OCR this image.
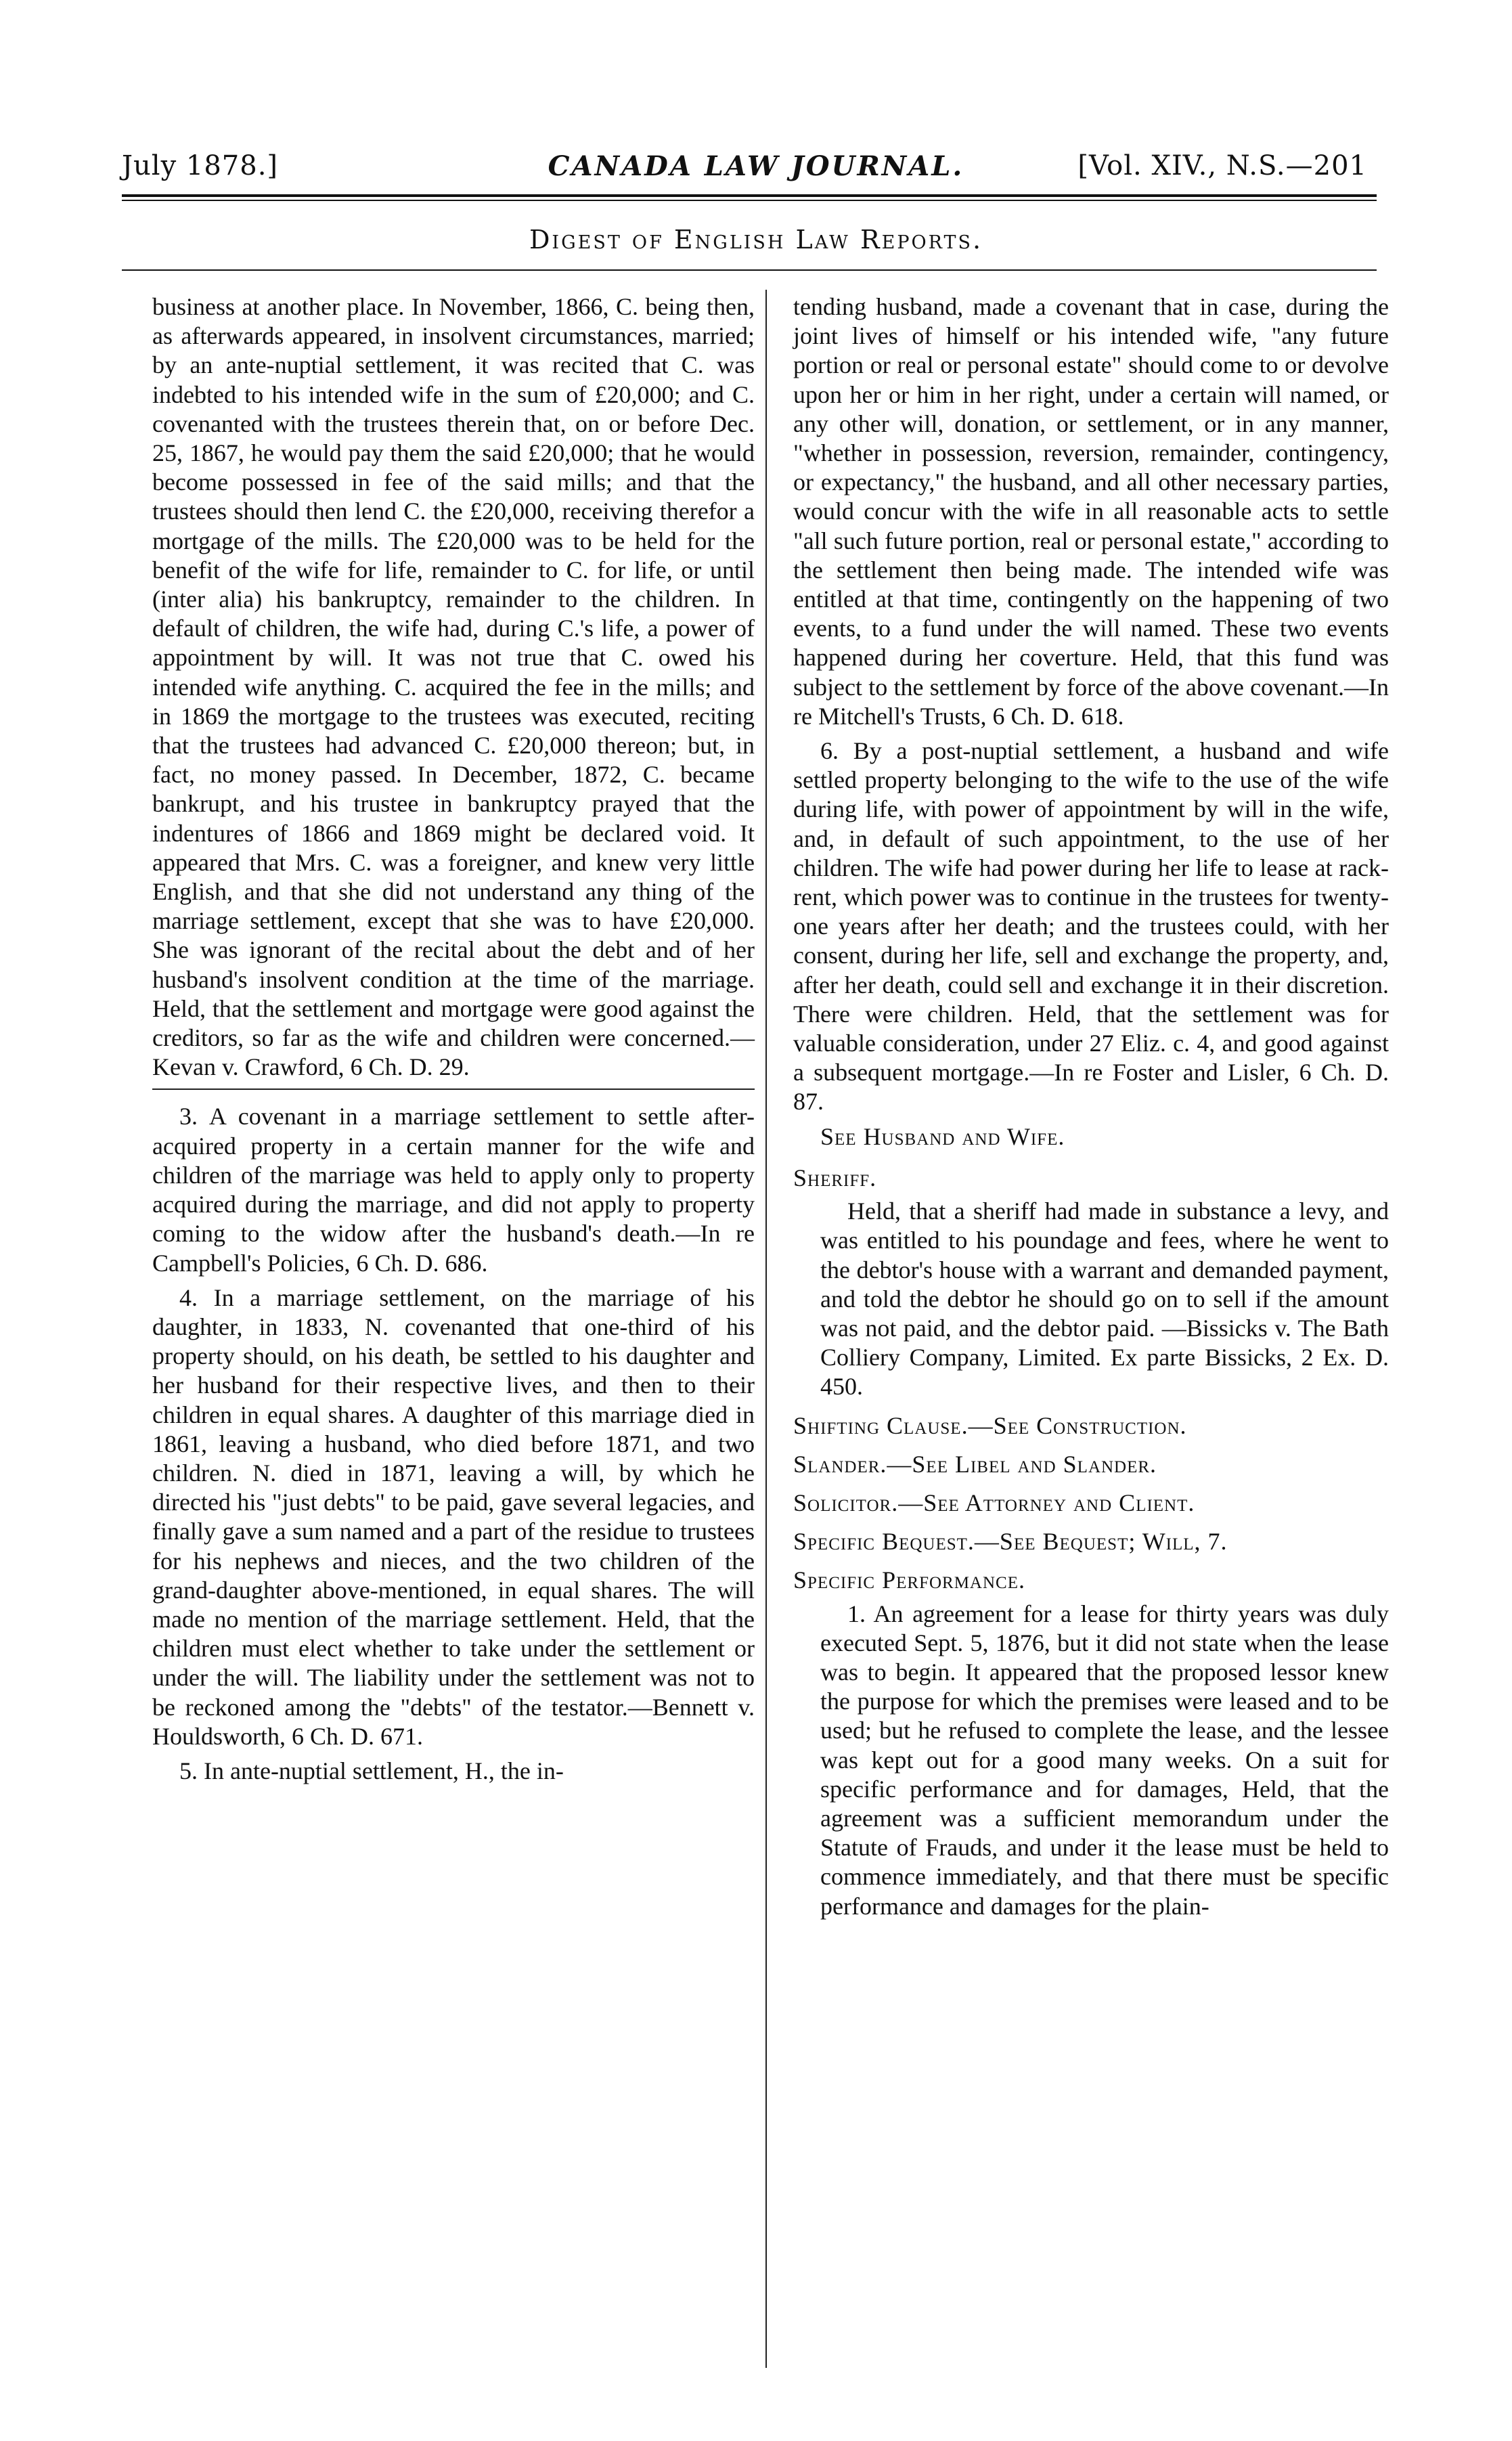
July 1878.]	CANADA LAW JOURNAL.	[Vol. XIV., N.S.—201
Digest of English Law Reports.

business at another place. In November, 1866, C. being then, as afterwards appeared, in insolvent circumstances, married; by an ante-nuptial settlement, it was recited that C. was indebted to his intended wife in the sum of £20,000; and C. covenanted with the trustees therein that, on or before Dec. 25, 1867, he would pay them the said £20,000; that he would become possessed in fee of the said mills; and that the trustees should then lend C. the £20,000, receiving therefor a mortgage of the mills. The £20,000 was to be held for the benefit of the wife for life, remainder to C. for life, or until (inter alia) his bankruptcy, remainder to the children. In default of children, the wife had, during C.'s life, a power of appointment by will. It was not true that C. owed his intended wife anything. C. acquired the fee in the mills; and in 1869 the mortgage to the trustees was executed, reciting that the trustees had advanced C. £20,000 thereon; but, in fact, no money passed. In December, 1872, C. became bankrupt, and his trustee in bankruptcy prayed that the indentures of 1866 and 1869 might be declared void. It appeared that Mrs. C. was a foreigner, and knew very little English, and that she did not understand any thing of the marriage settlement, except that she was to have £20,000. She was ignorant of the recital about the debt and of her husband's insolvent condition at the time of the marriage. Held, that the settlement and mortgage were good against the creditors, so far as the wife and children were concerned.—Kevan v. Crawford, 6 Ch. D. 29.

3. A covenant in a marriage settlement to settle after-acquired property in a certain manner for the wife and children of the marriage was held to apply only to property acquired during the marriage, and did not apply to property coming to the widow after the husband's death.—In re Campbell's Policies, 6 Ch. D. 686.

4. In a marriage settlement, on the marriage of his daughter, in 1833, N. covenanted that one-third of his property should, on his death, be settled to his daughter and her husband for their respective lives, and then to their children in equal shares. A daughter of this marriage died in 1861, leaving a husband, who died before 1871, and two children. N. died in 1871, leaving a will, by which he directed his "just debts" to be paid, gave several legacies, and finally gave a sum named and a part of the residue to trustees for his nephews and nieces, and the two children of the grand-daughter above-mentioned, in equal shares. The will made no mention of the marriage settlement. Held, that the children must elect whether to take under the settlement or under the will. The liability under the settlement was not to be reckoned among the "debts" of the testator.—Bennett v. Houldsworth, 6 Ch. D. 671.

5. In ante-nuptial settlement, H., the in-

tending husband, made a covenant that in case, during the joint lives of himself or his intended wife, "any future portion or real or personal estate" should come to or devolve upon her or him in her right, under a certain will named, or any other will, donation, or settlement, or in any manner, "whether in possession, reversion, remainder, contingency, or expectancy," the husband, and all other necessary parties, would concur with the wife in all reasonable acts to settle "all such future portion, real or personal estate," according to the settlement then being made. The intended wife was entitled at that time, contingently on the happening of two events, to a fund under the will named. These two events happened during her coverture. Held, that this fund was subject to the settlement by force of the above covenant.—In re Mitchell's Trusts, 6 Ch. D. 618.

6. By a post-nuptial settlement, a husband and wife settled property belonging to the wife to the use of the wife during life, with power of appointment by will in the wife, and, in default of such appointment, to the use of her children. The wife had power during her life to lease at rack-rent, which power was to continue in the trustees for twenty-one years after her death; and the trustees could, with her consent, during her life, sell and exchange the property, and, after her death, could sell and exchange it in their discretion. There were children. Held, that the settlement was for valuable consideration, under 27 Eliz. c. 4, and good against a subsequent mortgage.—In re Foster and Lisler, 6 Ch. D. 87.

See Husband and Wife.

Sheriff.

Held, that a sheriff had made in substance a levy, and was entitled to his poundage and fees, where he went to the debtor's house with a warrant and demanded payment, and told the debtor he should go on to sell if the amount was not paid, and the debtor paid. —Bissicks v. The Bath Colliery Company, Limited. Ex parte Bissicks, 2 Ex. D. 450.

Shifting Clause.—See Construction.
Slander.—See Libel and Slander.
Solicitor.—See Attorney and Client.
Specific Bequest.—See Bequest; Will, 7.
Specific Performance.

1. An agreement for a lease for thirty years was duly executed Sept. 5, 1876, but it did not state when the lease was to begin. It appeared that the proposed lessor knew the purpose for which the premises were leased and to be used; but he refused to complete the lease, and the lessee was kept out for a good many weeks. On a suit for specific performance and for damages, Held, that the agreement was a sufficient memorandum under the Statute of Frauds, and under it the lease must be held to commence immediately, and that there must be specific performance and damages for the plain-
